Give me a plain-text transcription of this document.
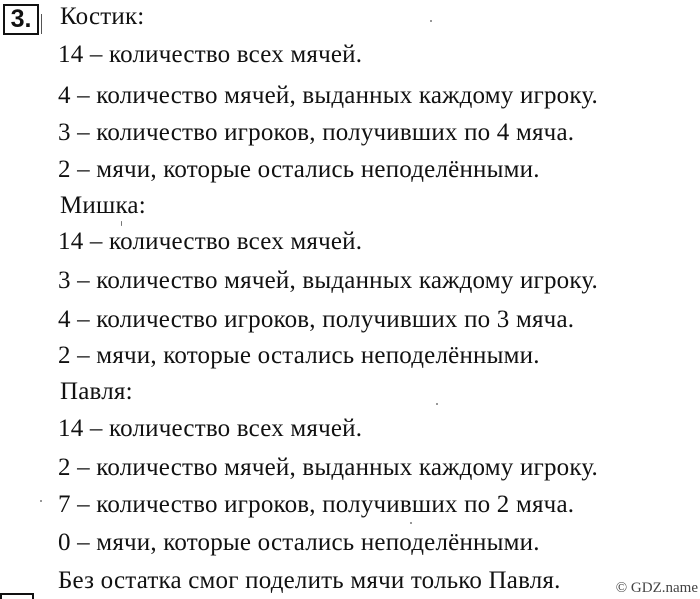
3.	Костик:
14 – количество всех мячей.
4 – количество мячей, выданных каждому игроку.
3 – количество игроков, получивших по 4 мяча.
2 – мячи, которые остались неподелёнными.
Мишка:
14 – количество всех мячей.
3 – количество мячей, выданных каждому игроку.
4 – количество игроков, получивших по 3 мяча.
2 – мячи, которые остались неподелёнными.
Павля:
14 – количество всех мячей.
2 – количество мячей, выданных каждому игроку.
7 – количество игроков, получивших по 2 мяча.
0 – мячи, которые остались неподелёнными.
Без остатка смог поделить мячи только Павля.	© GDZ.name
